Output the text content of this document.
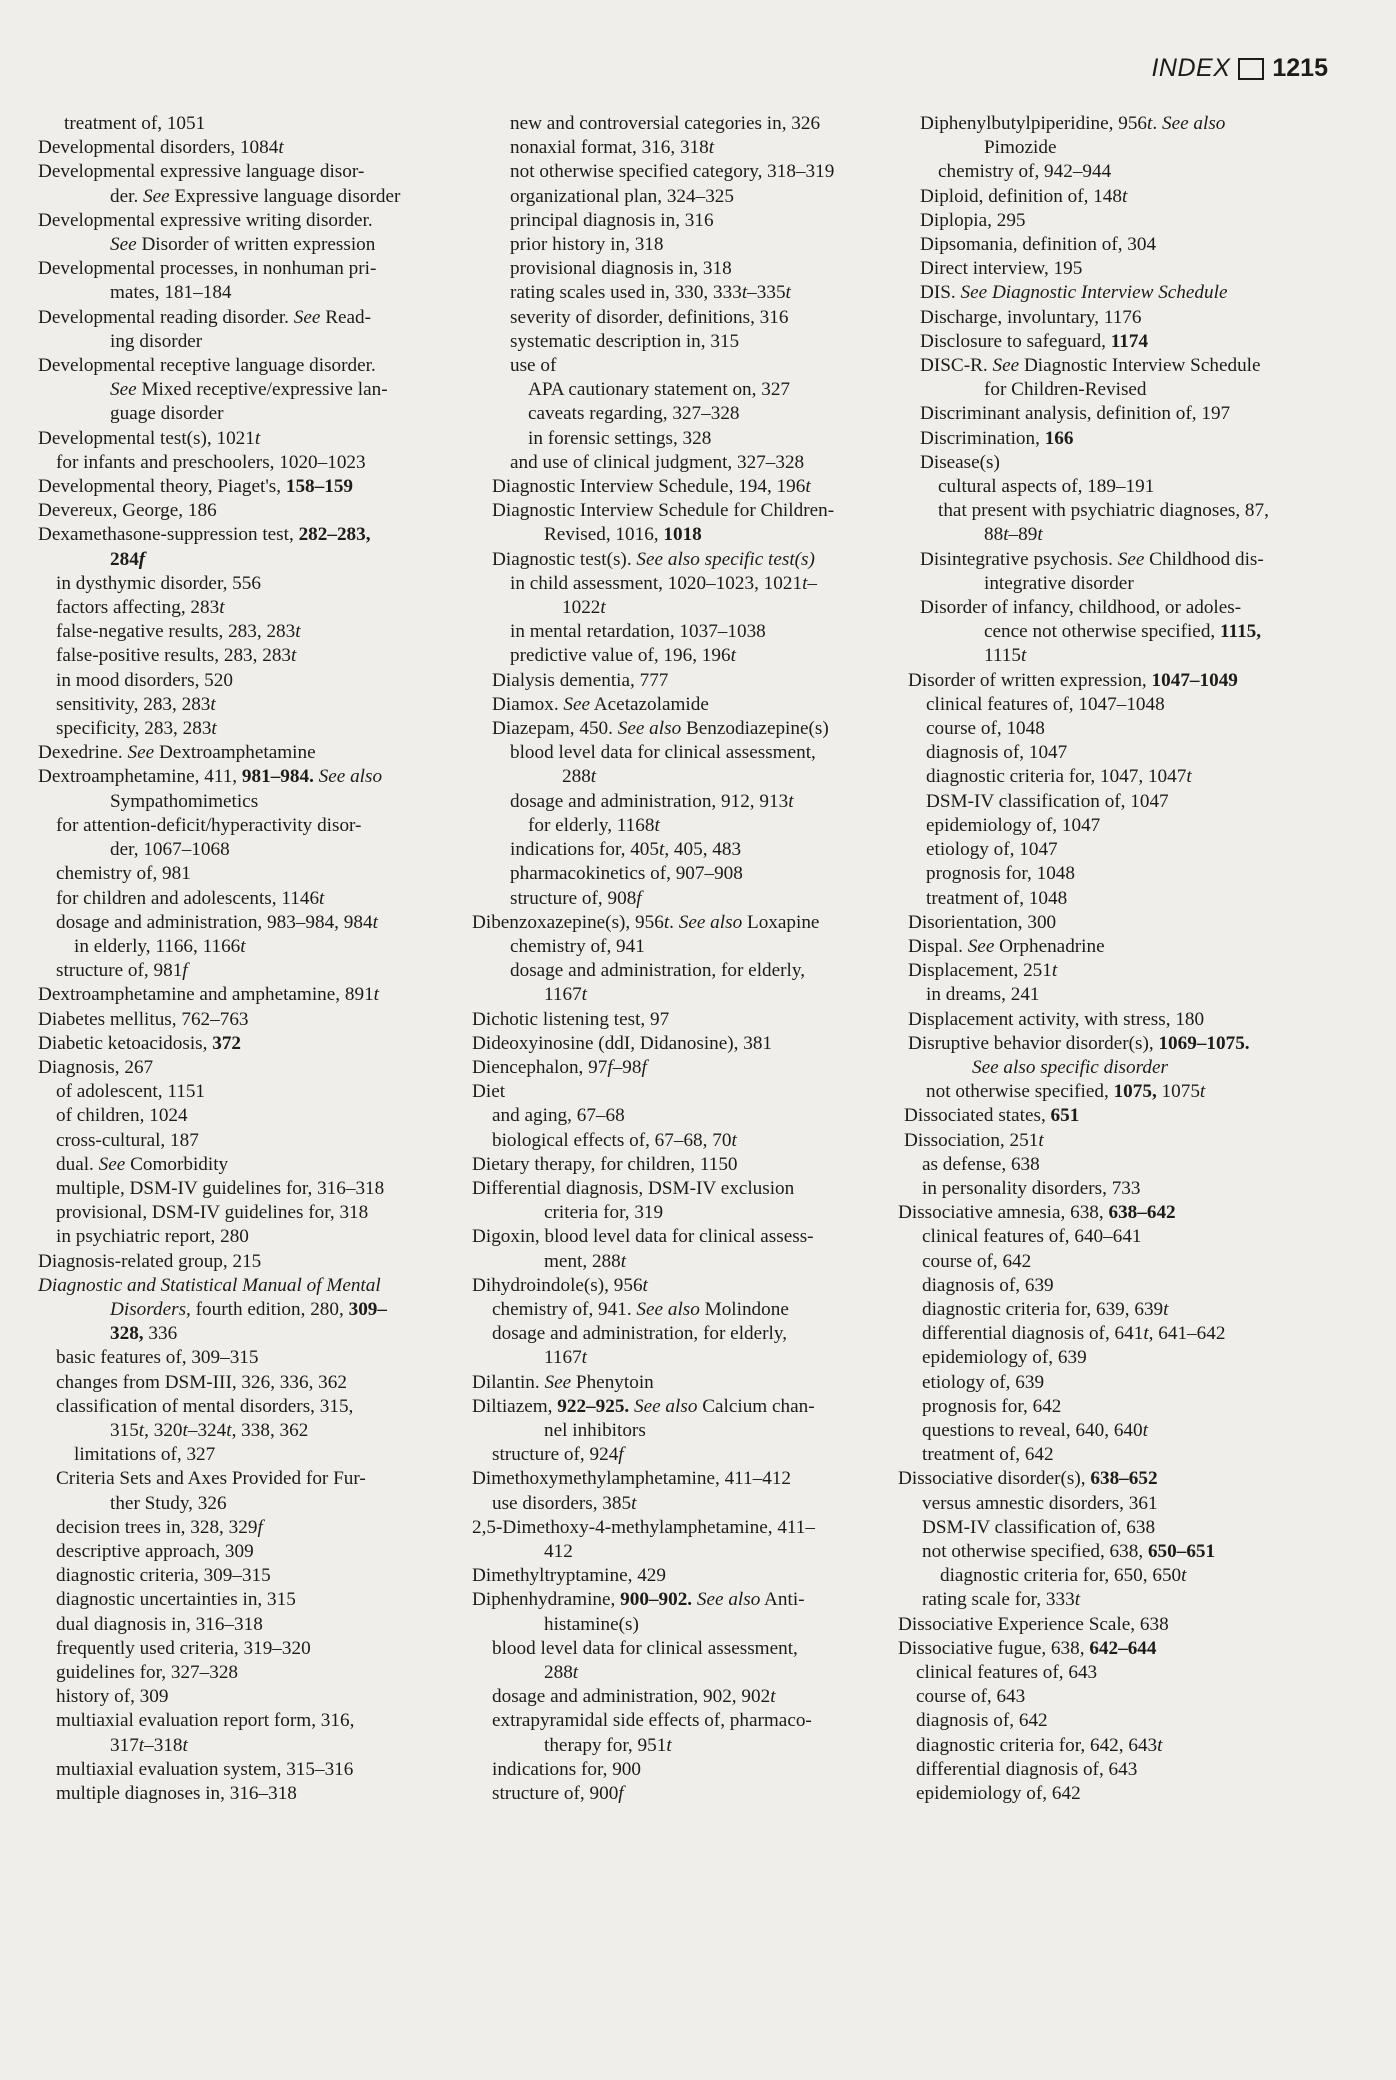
INDEX 1215
treatment of, 1051
Developmental disorders, 1084t
Developmental expressive language disor-
der. See Expressive language disorder
Developmental expressive writing disorder.
See Disorder of written expression
Developmental processes, in nonhuman pri-
mates, 181–184
Developmental reading disorder. See Read-
ing disorder
Developmental receptive language disorder.
See Mixed receptive/expressive lan-
guage disorder
Developmental test(s), 1021t
for infants and preschoolers, 1020–1023
Developmental theory, Piaget's, 158–159
Devereux, George, 186
Dexamethasone-suppression test, 282–283,
284f
in dysthymic disorder, 556
factors affecting, 283t
false-negative results, 283, 283t
false-positive results, 283, 283t
in mood disorders, 520
sensitivity, 283, 283t
specificity, 283, 283t
Dexedrine. See Dextroamphetamine
Dextroamphetamine, 411, 981–984. See also
Sympathomimetics
for attention-deficit/hyperactivity disor-
der, 1067–1068
chemistry of, 981
for children and adolescents, 1146t
dosage and administration, 983–984, 984t
in elderly, 1166, 1166t
structure of, 981f
Dextroamphetamine and amphetamine, 891t
Diabetes mellitus, 762–763
Diabetic ketoacidosis, 372
Diagnosis, 267
of adolescent, 1151
of children, 1024
cross-cultural, 187
dual. See Comorbidity
multiple, DSM-IV guidelines for, 316–318
provisional, DSM-IV guidelines for, 318
in psychiatric report, 280
Diagnosis-related group, 215
Diagnostic and Statistical Manual of Mental
Disorders, fourth edition, 280, 309–
328, 336
basic features of, 309–315
changes from DSM-III, 326, 336, 362
classification of mental disorders, 315,
315t, 320t–324t, 338, 362
limitations of, 327
Criteria Sets and Axes Provided for Fur-
ther Study, 326
decision trees in, 328, 329f
descriptive approach, 309
diagnostic criteria, 309–315
diagnostic uncertainties in, 315
dual diagnosis in, 316–318
frequently used criteria, 319–320
guidelines for, 327–328
history of, 309
multiaxial evaluation report form, 316,
317t–318t
multiaxial evaluation system, 315–316
multiple diagnoses in, 316–318
new and controversial categories in, 326
nonaxial format, 316, 318t
not otherwise specified category, 318–319
organizational plan, 324–325
principal diagnosis in, 316
prior history in, 318
provisional diagnosis in, 318
rating scales used in, 330, 333t–335t
severity of disorder, definitions, 316
systematic description in, 315
use of
APA cautionary statement on, 327
caveats regarding, 327–328
in forensic settings, 328
and use of clinical judgment, 327–328
Diagnostic Interview Schedule, 194, 196t
Diagnostic Interview Schedule for Children-
Revised, 1016, 1018
Diagnostic test(s). See also specific test(s)
in child assessment, 1020–1023, 1021t–
1022t
in mental retardation, 1037–1038
predictive value of, 196, 196t
Dialysis dementia, 777
Diamox. See Acetazolamide
Diazepam, 450. See also Benzodiazepine(s)
blood level data for clinical assessment,
288t
dosage and administration, 912, 913t
for elderly, 1168t
indications for, 405t, 405, 483
pharmacokinetics of, 907–908
structure of, 908f
Dibenzoxazepine(s), 956t. See also Loxapine
chemistry of, 941
dosage and administration, for elderly,
1167t
Dichotic listening test, 97
Dideoxyinosine (ddI, Didanosine), 381
Diencephalon, 97f–98f
Diet
and aging, 67–68
biological effects of, 67–68, 70t
Dietary therapy, for children, 1150
Differential diagnosis, DSM-IV exclusion
criteria for, 319
Digoxin, blood level data for clinical assess-
ment, 288t
Dihydroindole(s), 956t
chemistry of, 941. See also Molindone
dosage and administration, for elderly,
1167t
Dilantin. See Phenytoin
Diltiazem, 922–925. See also Calcium chan-
nel inhibitors
structure of, 924f
Dimethoxymethylamphetamine, 411–412
use disorders, 385t
2,5-Dimethoxy-4-methylamphetamine, 411–
412
Dimethyltryptamine, 429
Diphenhydramine, 900–902. See also Anti-
histamine(s)
blood level data for clinical assessment,
288t
dosage and administration, 902, 902t
extrapyramidal side effects of, pharmaco-
therapy for, 951t
indications for, 900
structure of, 900f
Diphenylbutylpiperidine, 956t. See also
Pimozide
chemistry of, 942–944
Diploid, definition of, 148t
Diplopia, 295
Dipsomania, definition of, 304
Direct interview, 195
DIS. See Diagnostic Interview Schedule
Discharge, involuntary, 1176
Disclosure to safeguard, 1174
DISC-R. See Diagnostic Interview Schedule
for Children-Revised
Discriminant analysis, definition of, 197
Discrimination, 166
Disease(s)
cultural aspects of, 189–191
that present with psychiatric diagnoses, 87,
88t–89t
Disintegrative psychosis. See Childhood dis-
integrative disorder
Disorder of infancy, childhood, or adoles-
cence not otherwise specified, 1115,
1115t
Disorder of written expression, 1047–1049
clinical features of, 1047–1048
course of, 1048
diagnosis of, 1047
diagnostic criteria for, 1047, 1047t
DSM-IV classification of, 1047
epidemiology of, 1047
etiology of, 1047
prognosis for, 1048
treatment of, 1048
Disorientation, 300
Dispal. See Orphenadrine
Displacement, 251t
in dreams, 241
Displacement activity, with stress, 180
Disruptive behavior disorder(s), 1069–1075.
See also specific disorder
not otherwise specified, 1075, 1075t
Dissociated states, 651
Dissociation, 251t
as defense, 638
in personality disorders, 733
Dissociative amnesia, 638, 638–642
clinical features of, 640–641
course of, 642
diagnosis of, 639
diagnostic criteria for, 639, 639t
differential diagnosis of, 641t, 641–642
epidemiology of, 639
etiology of, 639
prognosis for, 642
questions to reveal, 640, 640t
treatment of, 642
Dissociative disorder(s), 638–652
versus amnestic disorders, 361
DSM-IV classification of, 638
not otherwise specified, 638, 650–651
diagnostic criteria for, 650, 650t
rating scale for, 333t
Dissociative Experience Scale, 638
Dissociative fugue, 638, 642–644
clinical features of, 643
course of, 643
diagnosis of, 642
diagnostic criteria for, 642, 643t
differential diagnosis of, 643
epidemiology of, 642
